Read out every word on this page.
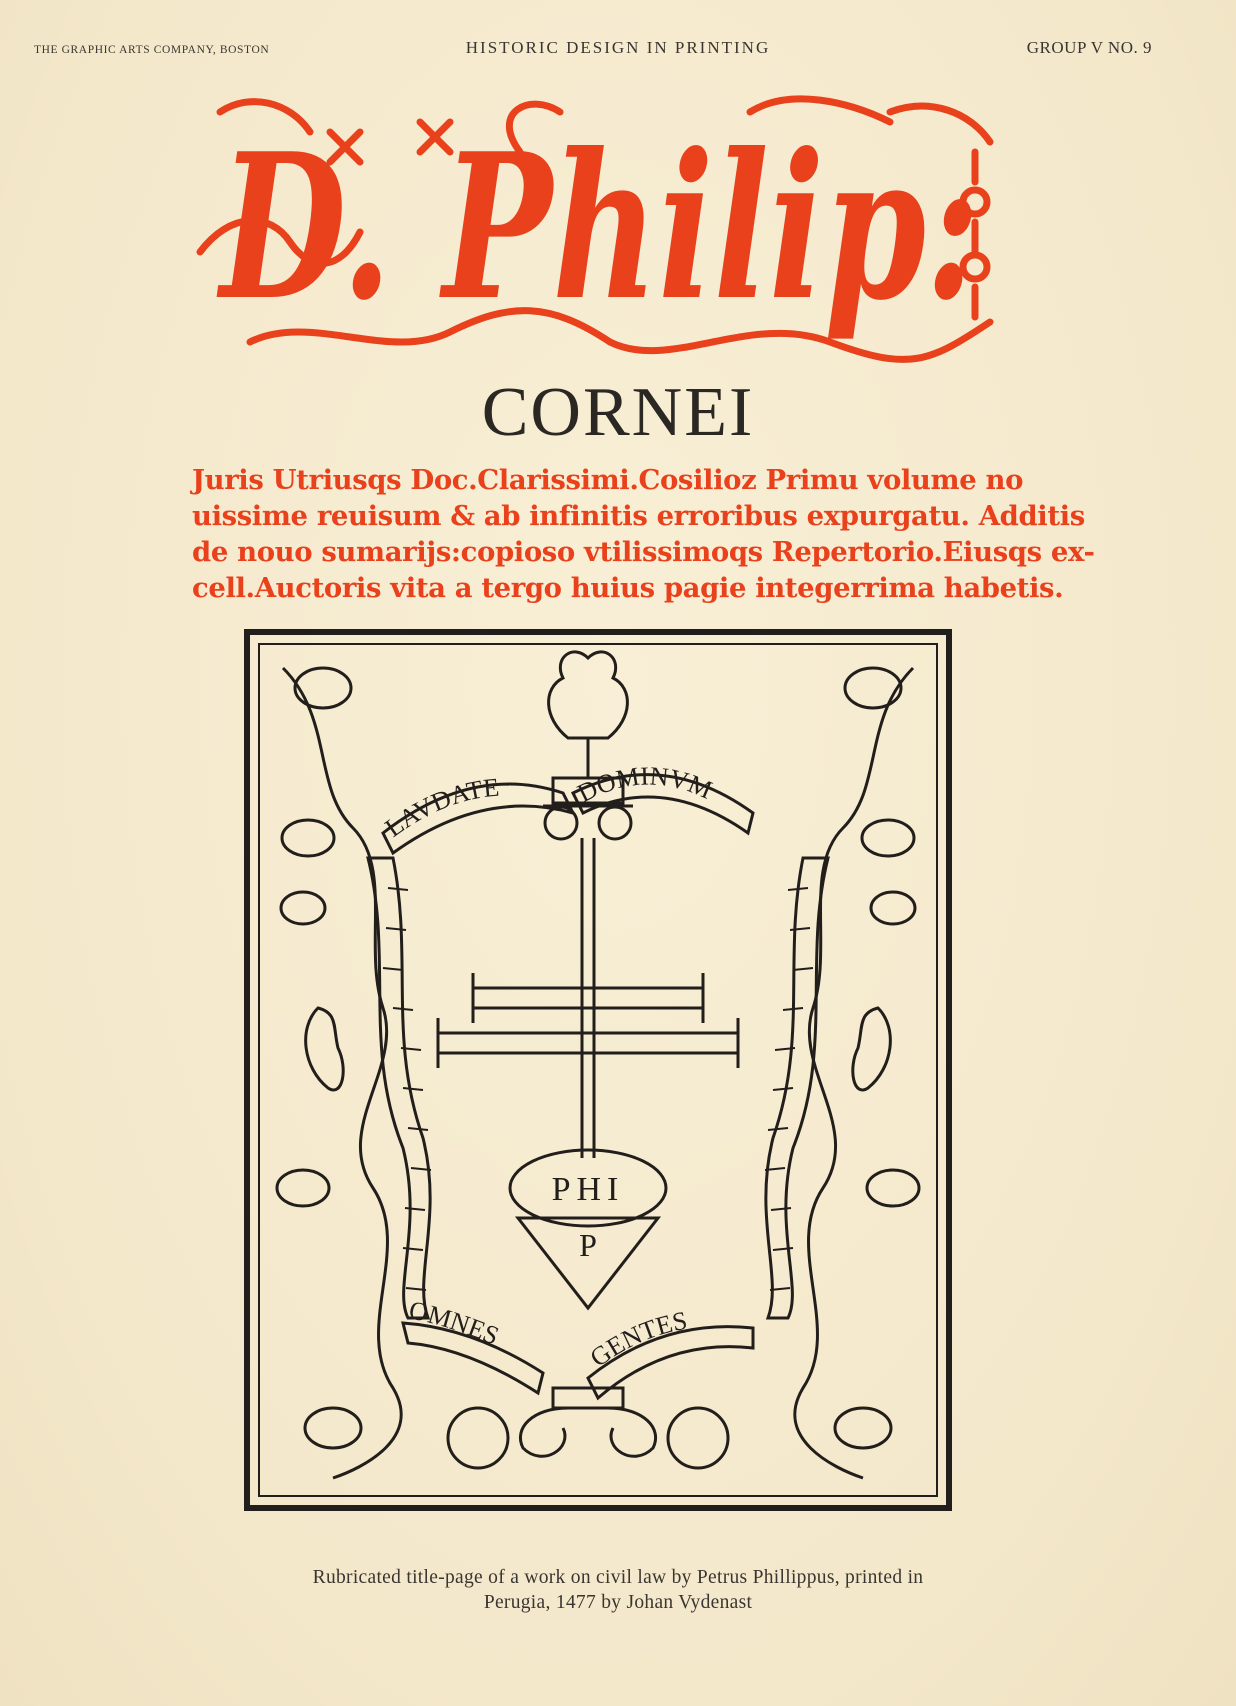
THE GRAPHIC ARTS COMPANY, BOSTON	HISTORIC DESIGN IN PRINTING	GROUP V NO. 9
D. Philip:
CORNEI
Juris Utriusqs Doc.Clarissimi.Cosilioz Primu volume no
uissime reuisum & ab infinitis erroribus expurgatu. Additis
de nouo sumarijs:copioso vtilissimoqs Repertorio.Eiusqs ex-
cell.Auctoris vita a tergo huius pagie integerrima habetis.
LAVDATE	DOMINVM
OMNES
GENTES
PHI
P
Rubricated title-page of a work on civil law by Petrus Phillippus, printed in
Perugia, 1477 by Johan Vydenast
